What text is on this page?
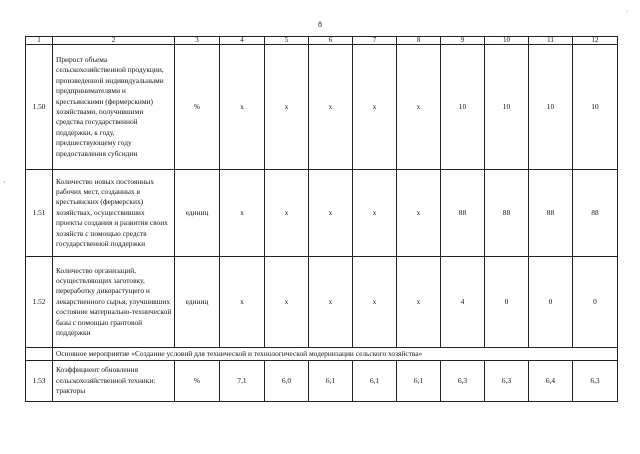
8
'
·
1	2	3	4	5	6	7	8	9	10	11	12
1.50	Прирост объема сельскохозяйственной продукции, произведенной индивидуальными предпринимателями и крестьянскими (фермерскими) хозяйствами, получившими средства государственной поддержки, к году, предшествующему году предоставления субсидии	%	x	x	x	x	x	10	10	10	10
1.51	Количество новых постоянных рабочих мест, созданных в крестьянских (фермерских) хозяйствах, осуществивших проекты создания и развития своих хозяйств с помощью средств государственной поддержки	единиц	x	x	x	x	x	88	88	88	88
1.52	Количество организаций, осуществляющих заготовку, переработку дикорастущего и лекарственного сырья, улучшивших состояние материально-технической базы с помощью грантовой поддержки	единиц	x	x	x	x	x	4	0	0	0
	Основное мероприятие «Создание условий для технической и технологической модернизации сельского хозяйства»										
1.53	Коэффициент обновления сельскохозяйственной техники: тракторы	%	7,1	6,0	6,1	6,1	6,1	6,3	6,3	6,4	6,3
